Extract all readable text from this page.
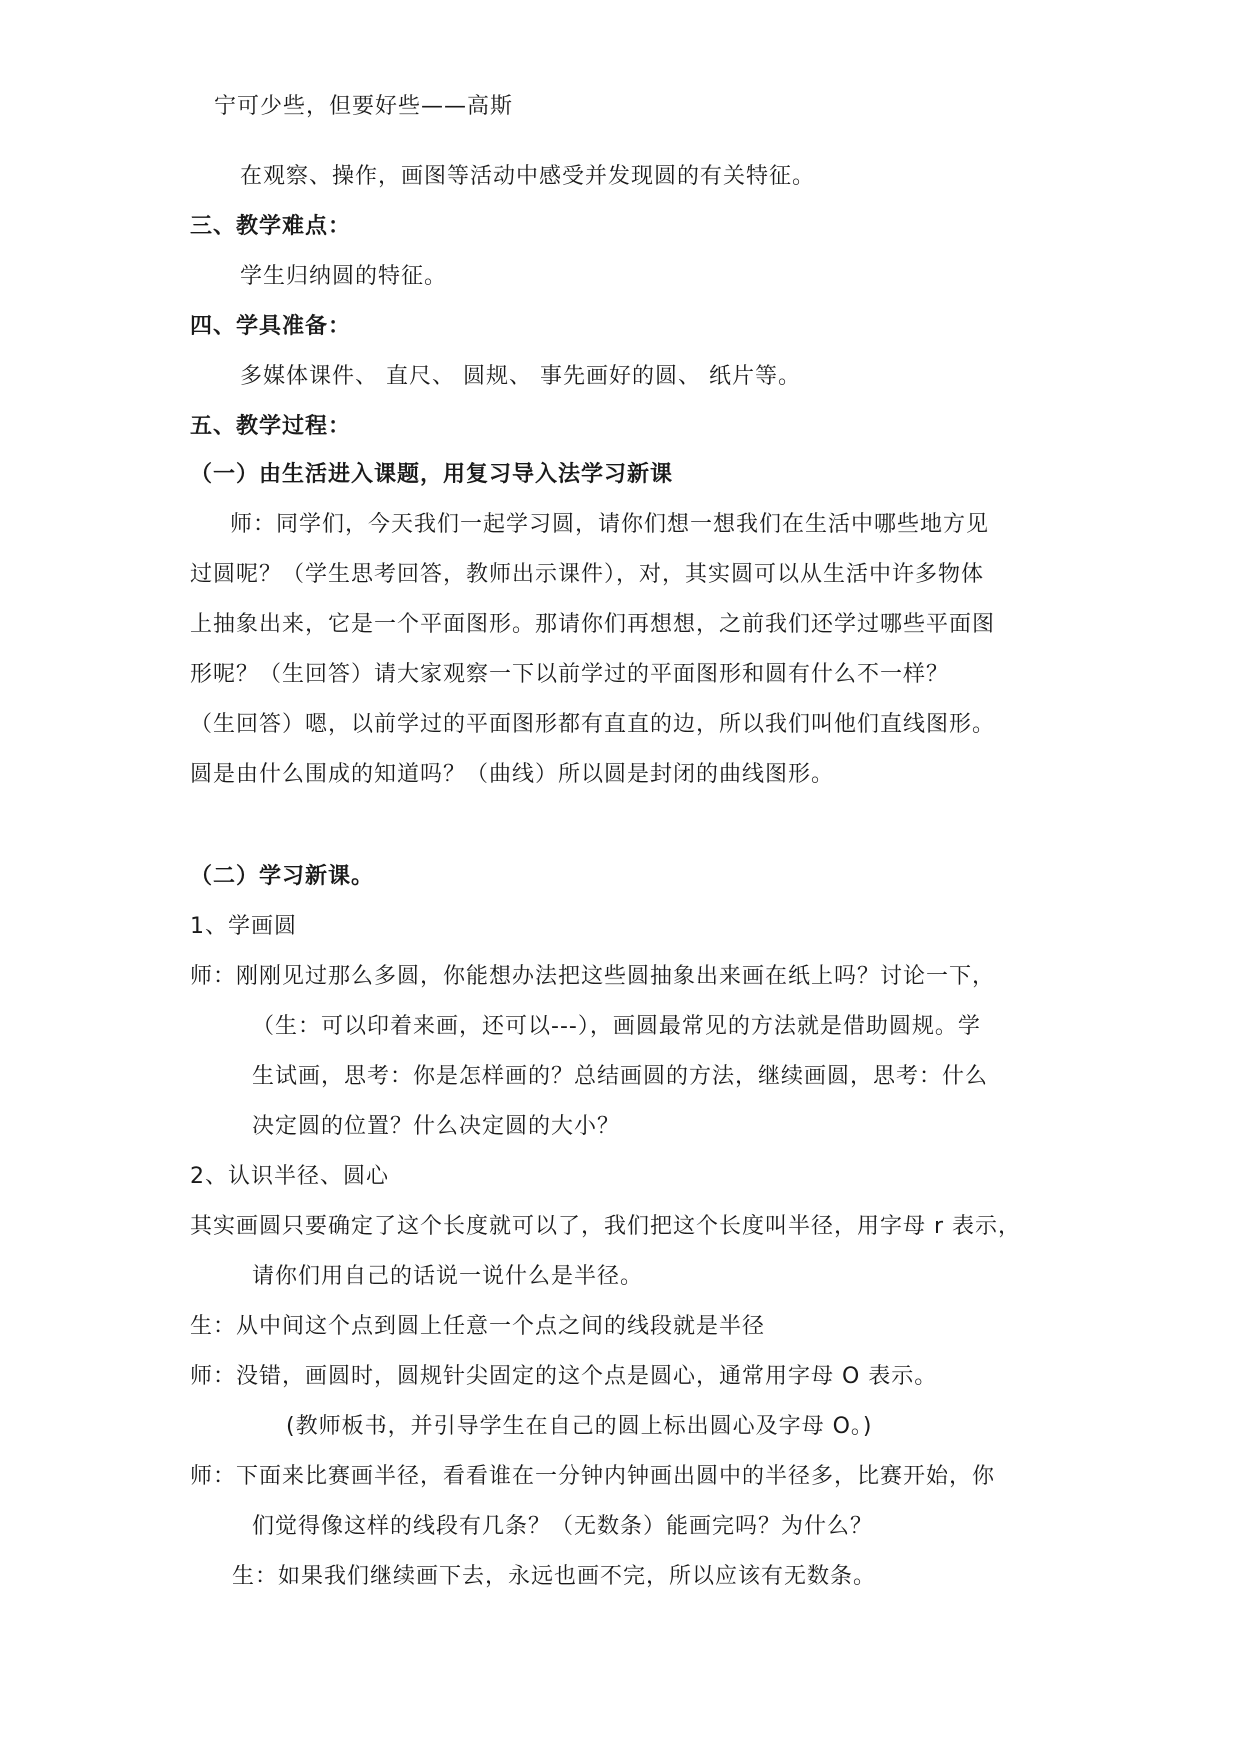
宁可少些，但要好些——高斯
在观察、操作，画图等活动中感受并发现圆的有关特征。
三、教学难点：
学生归纳圆的特征。
四、学具准备：
多媒体课件、 直尺、 圆规、 事先画好的圆、 纸片等。
五、教学过程：
（一）由生活进入课题，用复习导入法学习新课
师：同学们，今天我们一起学习圆，请你们想一想我们在生活中哪些地方见
过圆呢？（学生思考回答，教师出示课件），对，其实圆可以从生活中许多物体
上抽象出来，它是一个平面图形。那请你们再想想，之前我们还学过哪些平面图
形呢？（生回答）请大家观察一下以前学过的平面图形和圆有什么不一样？
（生回答）嗯，以前学过的平面图形都有直直的边，所以我们叫他们直线图形。
圆是由什么围成的知道吗？（曲线）所以圆是封闭的曲线图形。
（二）学习新课。
1、学画圆
师：刚刚见过那么多圆，你能想办法把这些圆抽象出来画在纸上吗？讨论一下，
（生：可以印着来画，还可以---），画圆最常见的方法就是借助圆规。学
生试画，思考：你是怎样画的？总结画圆的方法，继续画圆，思考：什么
决定圆的位置？什么决定圆的大小？
2、认识半径、圆心
其实画圆只要确定了这个长度就可以了，我们把这个长度叫半径，用字母 r 表示，
请你们用自己的话说一说什么是半径。
生：从中间这个点到圆上任意一个点之间的线段就是半径
师：没错，画圆时，圆规针尖固定的这个点是圆心，通常用字母 O 表示。
(教师板书，并引导学生在自己的圆上标出圆心及字母 O。)
师：下面来比赛画半径，看看谁在一分钟内钟画出圆中的半径多，比赛开始，你
们觉得像这样的线段有几条？（无数条）能画完吗？为什么？
生：如果我们继续画下去，永远也画不完，所以应该有无数条。
